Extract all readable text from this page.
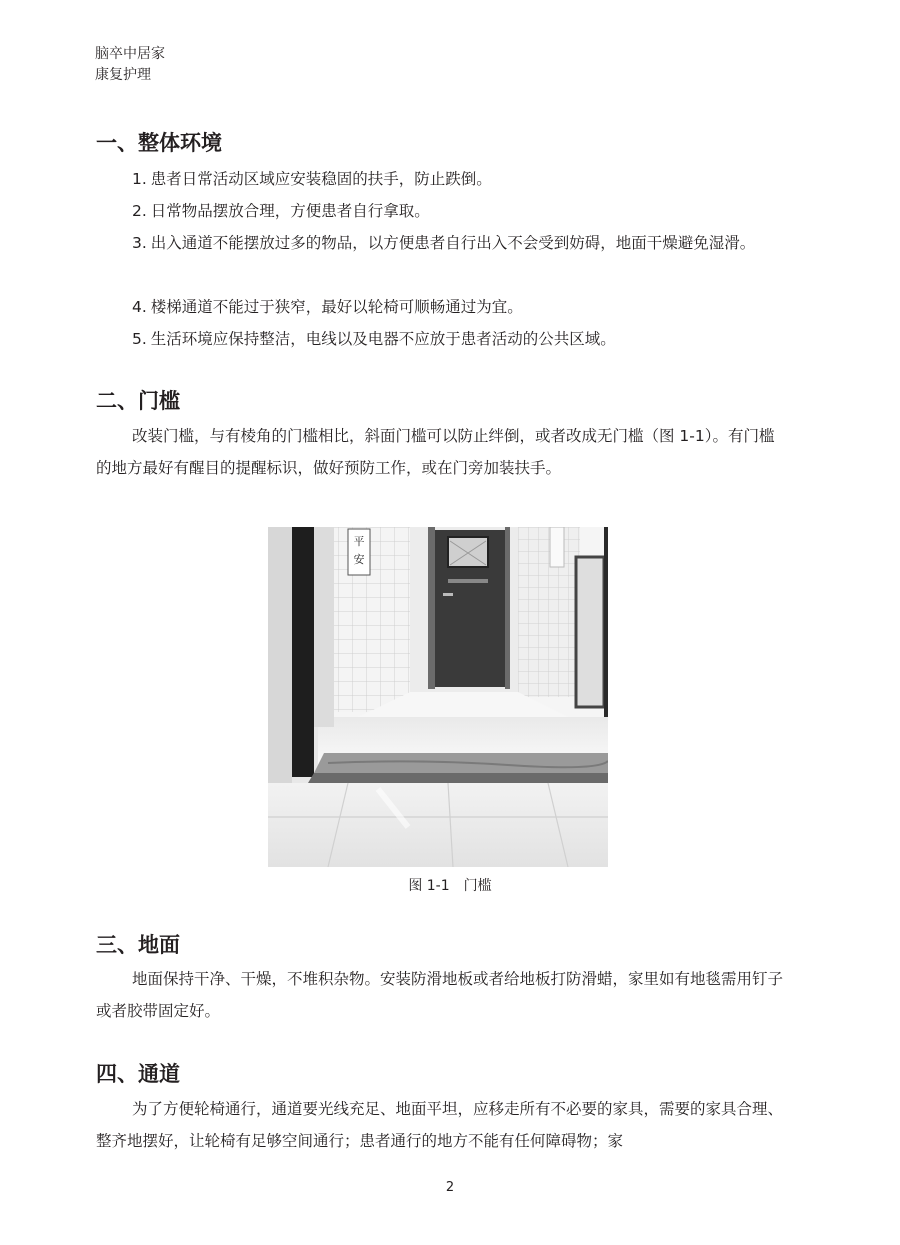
脑卒中居家
康复护理
一、整体环境
1. 患者日常活动区域应安装稳固的扶手，防止跌倒。
2. 日常物品摆放合理，方便患者自行拿取。
3. 出入通道不能摆放过多的物品，以方便患者自行出入不会受到妨碍，地面干燥避免湿滑。
4. 楼梯通道不能过于狭窄，最好以轮椅可顺畅通过为宜。
5. 生活环境应保持整洁，电线以及电器不应放于患者活动的公共区域。
二、门槛
改装门槛，与有棱角的门槛相比，斜面门槛可以防止绊倒，或者改成无门槛（图 1-1）。有门槛的地方最好有醒目的提醒标识，做好预防工作，或在门旁加装扶手。
三、地面
地面保持干净、干燥，不堆积杂物。安装防滑地板或者给地板打防滑蜡，家里如有地毯需用钉子或者胶带固定好。
四、通道
为了方便轮椅通行，通道要光线充足、地面平坦，应移走所有不必要的家具，需要的家具合理、整齐地摆好，让轮椅有足够空间通行；患者通行的地方不能有任何障碍物；家
平
安
图 1-1 门槛
2
